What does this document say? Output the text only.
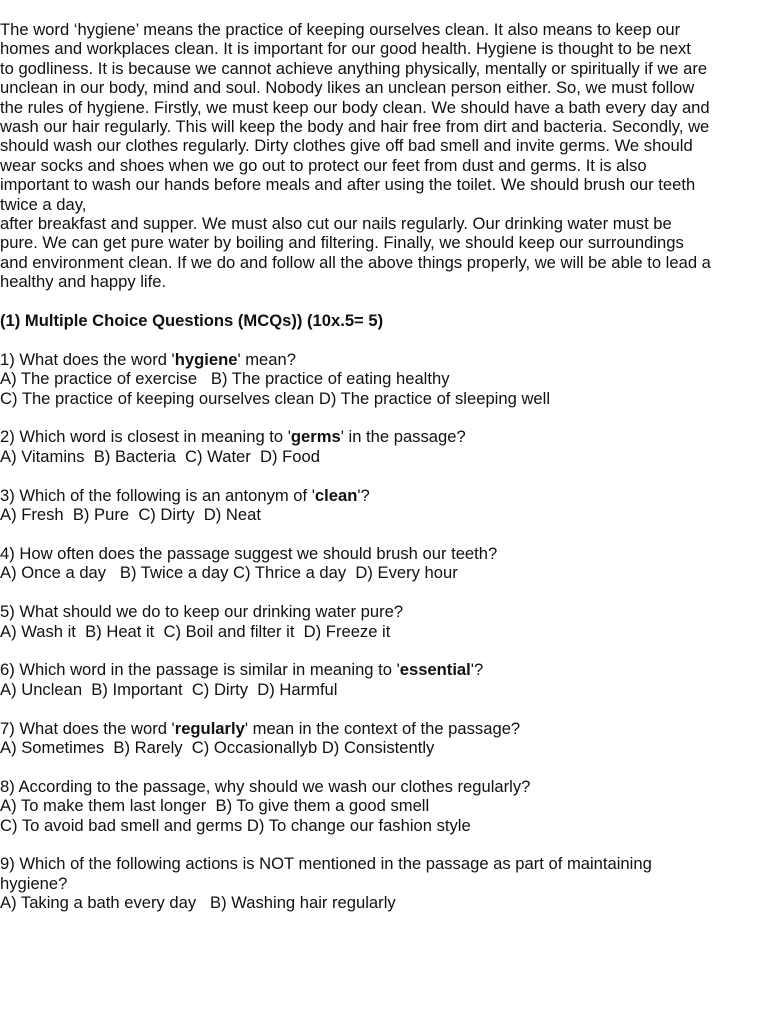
The word ‘hygiene’ means the practice of keeping ourselves clean. It also means to keep our

homes and workplaces clean. It is important for our good health. Hygiene is thought to be next

to godliness. It is because we cannot achieve anything physically, mentally or spiritually if we are

unclean in our body, mind and soul. Nobody likes an unclean person either. So, we must follow

the rules of hygiene. Firstly, we must keep our body clean. We should have a bath every day and

wash our hair regularly. This will keep the body and hair free from dirt and bacteria. Secondly, we

should wash our clothes regularly. Dirty clothes give off bad smell and invite germs. We should

wear socks and shoes when we go out to protect our feet from dust and germs. It is also

important to wash our hands before meals and after using the toilet. We should brush our teeth

twice a day,

after breakfast and supper. We must also cut our nails regularly. Our drinking water must be

pure. We can get pure water by boiling and filtering. Finally, we should keep our surroundings

and environment clean. If we do and follow all the above things properly, we will be able to lead a

healthy and happy life.

(1) Multiple Choice Questions (MCQs)) (10x.5= 5)

1) What does the word 'hygiene' mean?

A) The practice of exercise   B) The practice of eating healthy

C) The practice of keeping ourselves clean D) The practice of sleeping well

2) Which word is closest in meaning to 'germs' in the passage?

A) Vitamins  B) Bacteria  C) Water  D) Food

3) Which of the following is an antonym of 'clean'?

A) Fresh  B) Pure  C) Dirty  D) Neat

4) How often does the passage suggest we should brush our teeth?

A) Once a day   B) Twice a day C) Thrice a day  D) Every hour

5) What should we do to keep our drinking water pure?

A) Wash it  B) Heat it  C) Boil and filter it  D) Freeze it

6) Which word in the passage is similar in meaning to 'essential'?

A) Unclean  B) Important  C) Dirty  D) Harmful

7) What does the word 'regularly' mean in the context of the passage?

A) Sometimes  B) Rarely  C) Occasionallyb D) Consistently

8) According to the passage, why should we wash our clothes regularly?

A) To make them last longer  B) To give them a good smell

C) To avoid bad smell and germs D) To change our fashion style

9) Which of the following actions is NOT mentioned in the passage as part of maintaining

hygiene?

A) Taking a bath every day   B) Washing hair regularly
